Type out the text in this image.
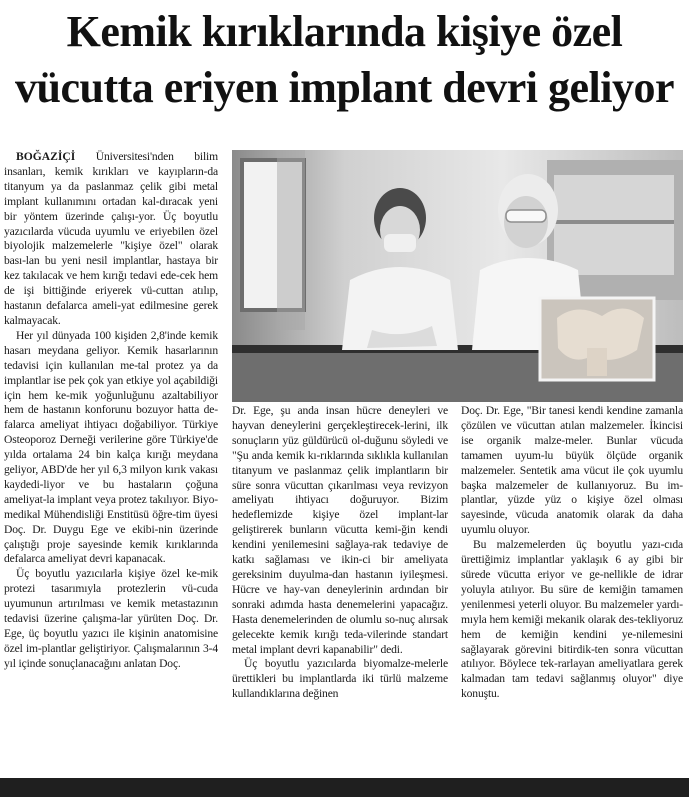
Kemik kırıklarında kişiye özel
vücutta eriyen implant devri geliyor

BOĞAZİÇİ Üniversitesi'nden bilim insanları, kemik kırıkları ve kayıpların-da titanyum ya da paslanmaz çelik gibi metal implant kullanımını ortadan kal-dıracak yeni bir yöntem üzerinde çalışı-yor. Üç boyutlu yazıcılarda vücuda uyumlu ve eriyebilen özel biyolojik malzemelerle "kişiye özel" olarak bası-lan bu yeni nesil implantlar, hastaya bir kez takılacak ve hem kırığı tedavi ede-cek hem de işi bittiğinde eriyerek vü-cuttan atılıp, hastanın defalarca ameli-yat edilmesine gerek kalmayacak.

Her yıl dünyada 100 kişiden 2,8'inde kemik hasarı meydana geliyor. Kemik hasarlarının tedavisi için kullanılan me-tal protez ya da implantlar ise pek çok yan etkiye yol açabildiği için hem ke-mik yoğunluğunu azaltabiliyor hem de hastanın konforunu bozuyor hatta de-falarca ameliyat ihtiyacı doğabiliyor. Türkiye Osteoporoz Derneği verilerine göre Türkiye'de yılda ortalama 24 bin kalça kırığı meydana geliyor, ABD'de her yıl 6,3 milyon kırık vakası kaydedi-liyor ve bu hastaların çoğuna ameliyat-la implant veya protez takılıyor. Biyo-medikal Mühendisliği Enstitüsü öğre-tim üyesi Doç. Dr. Duygu Ege ve ekibi-nin üzerinde çalıştığı proje sayesinde kemik kırıklarında defalarca ameliyat devri kapanacak.

Üç boyutlu yazıcılarla kişiye özel ke-mik protezi tasarımıyla protezlerin vü-cuda uyumunun artırılması ve kemik metastazının tedavisi üzerine çalışma-lar yürüten Doç. Dr. Ege, üç boyutlu yazıcı ile kişinin anatomisine özel im-plantlar geliştiriyor. Çalışmalarının 3-4 yıl içinde sonuçlanacağını anlatan Doç.

Dr. Ege, şu anda insan hücre deneyleri ve hayvan deneylerini gerçekleştirecek-lerini, ilk sonuçların yüz güldürücü ol-duğunu söyledi ve "Şu anda kemik kı-rıklarında sıklıkla kullanılan titanyum ve paslanmaz çelik implantların bir süre sonra vücuttan çıkarılması veya revizyon ameliyatı ihtiyacı doğuruyor. Bizim hedeflemizde kişiye özel implant-lar geliştirerek bunların vücutta kemi-ğin kendi kendini yenilemesini sağlaya-rak tedaviye de katkı sağlaması ve ikin-ci bir ameliyata gereksinim duyulma-dan hastanın iyileşmesi. Hücre ve hay-van deneylerinin ardından bir sonraki adımda hasta denemelerini yapacağız. Hasta denemelerinden de olumlu so-nuç alırsak gelecekte kemik kırığı teda-vilerinde standart metal implant devri kapanabilir" dedi.

Üç boyutlu yazıcılarda biyomalze-melerle ürettikleri bu implantlarda iki türlü malzeme kullandıklarına değinen

Doç. Dr. Ege, "Bir tanesi kendi kendine zamanla çözülen ve vücuttan atılan malzemeler. İkincisi ise organik malze-meler. Bunlar vücuda tamamen uyum-lu büyük ölçüde organik malzemeler. Sentetik ama vücut ile çok uyumlu başka malzemeler de kullanıyoruz. Bu im-plantlar, yüzde yüz o kişiye özel olması sayesinde, vücuda anatomik olarak da daha uyumlu oluyor.

Bu malzemelerden üç boyutlu yazı-cıda ürettiğimiz implantlar yaklaşık 6 ay gibi bir sürede vücutta eriyor ve ge-nellikle de idrar yoluyla atılıyor. Bu süre de kemiğin tamamen yenilenmesi yeterli oluyor. Bu malzemeler yardı-mıyla hem kemiği mekanik olarak des-tekliyoruz hem de kemiğin kendini ye-nilemesini sağlayarak görevini bitirdik-ten sonra vücuttan atılıyor. Böylece tek-rarlayan ameliyatlara gerek kalmadan tam tedavi sağlanmış oluyor" diye konuştu.
